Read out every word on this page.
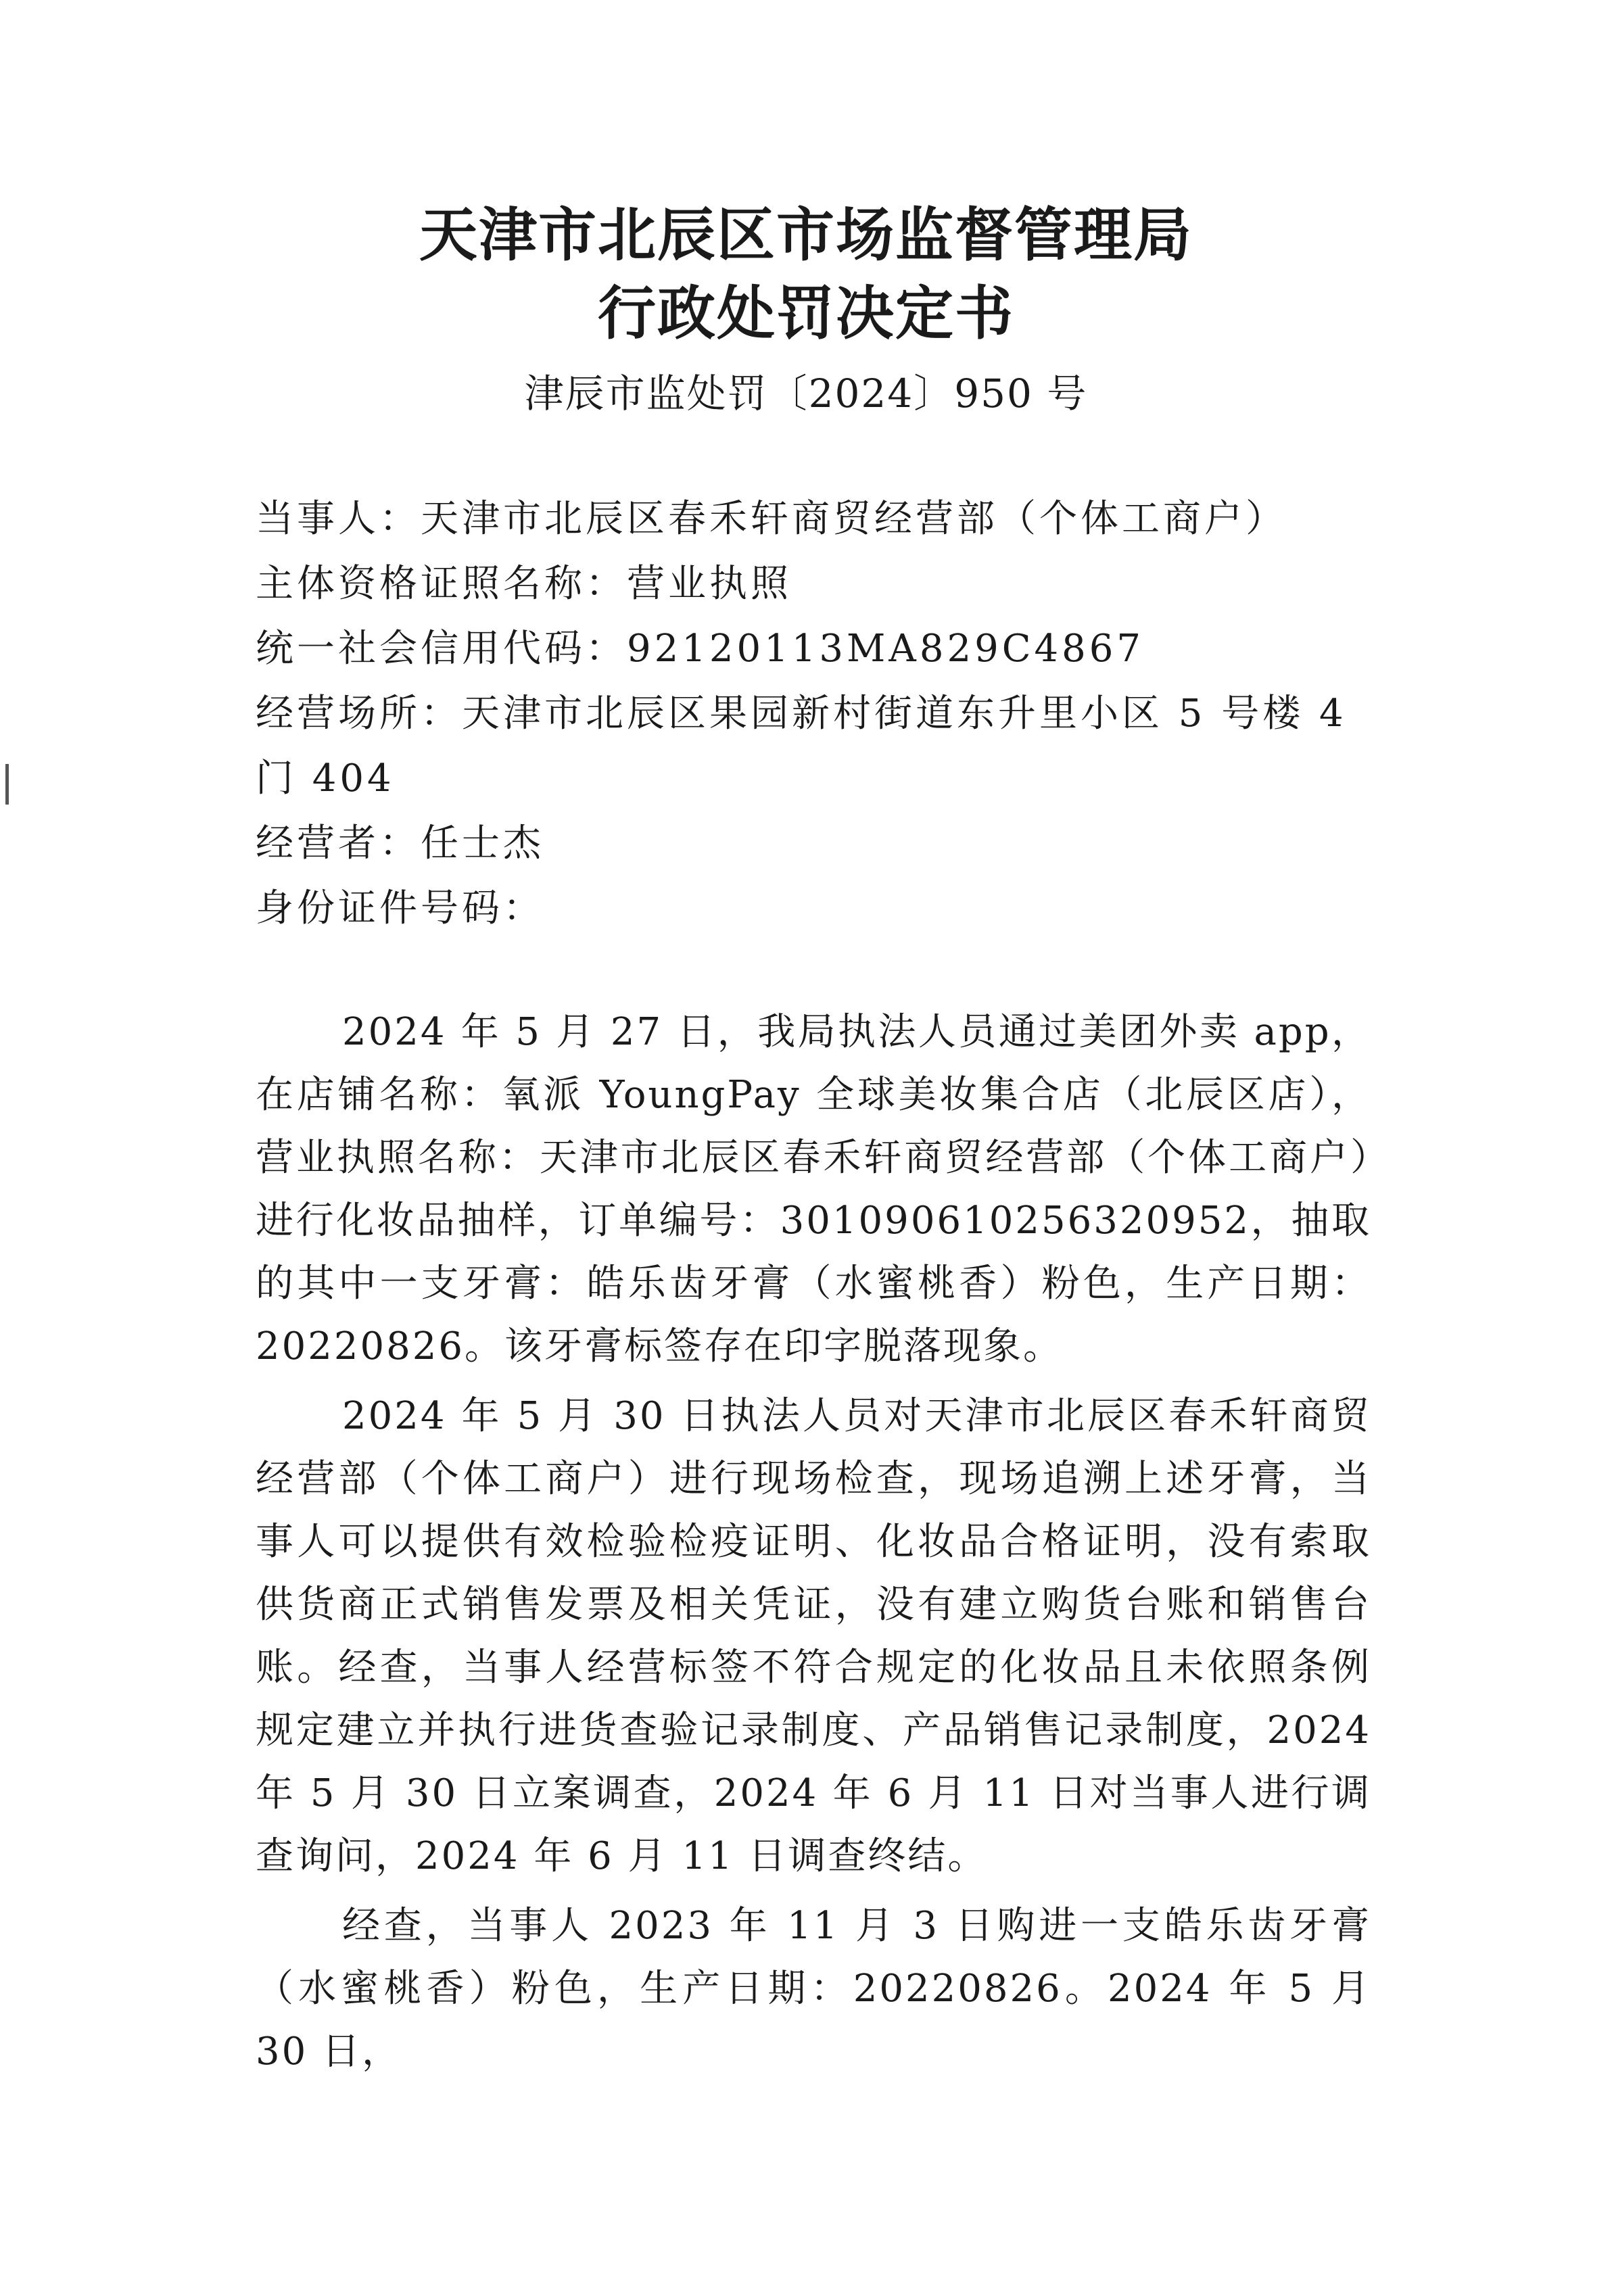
天津市北辰区市场监督管理局
行政处罚决定书
津辰市监处罚〔2024〕950 号
当事人：天津市北辰区春禾轩商贸经营部（个体工商户）
主体资格证照名称：营业执照
统一社会信用代码：92120113MA829C4867
经营场所：天津市北辰区果园新村街道东升里小区 5 号楼 4
门 404
经营者：任士杰
身份证件号码：

2024 年 5 月 27 日，我局执法人员通过美团外卖 app，在店铺名称：氧派 YoungPay 全球美妆集合店（北辰区店），营业执照名称：天津市北辰区春禾轩商贸经营部（个体工商户）进行化妆品抽样，订单编号：301090610256320952，抽取的其中一支牙膏：皓乐齿牙膏（水蜜桃香）粉色，生产日期：20220826。该牙膏标签存在印字脱落现象。

2024 年 5 月 30 日执法人员对天津市北辰区春禾轩商贸经营部（个体工商户）进行现场检查，现场追溯上述牙膏，当事人可以提供有效检验检疫证明、化妆品合格证明，没有索取供货商正式销售发票及相关凭证，没有建立购货台账和销售台账。经查，当事人经营标签不符合规定的化妆品且未依照条例规定建立并执行进货查验记录制度、产品销售记录制度，2024 年 5 月 30 日立案调查，2024 年 6 月 11 日对当事人进行调查询问，2024 年 6 月 11 日调查终结。

经查，当事人 2023 年 11 月 3 日购进一支皓乐齿牙膏（水蜜桃香）粉色，生产日期：20220826。2024 年 5 月 30 日，
